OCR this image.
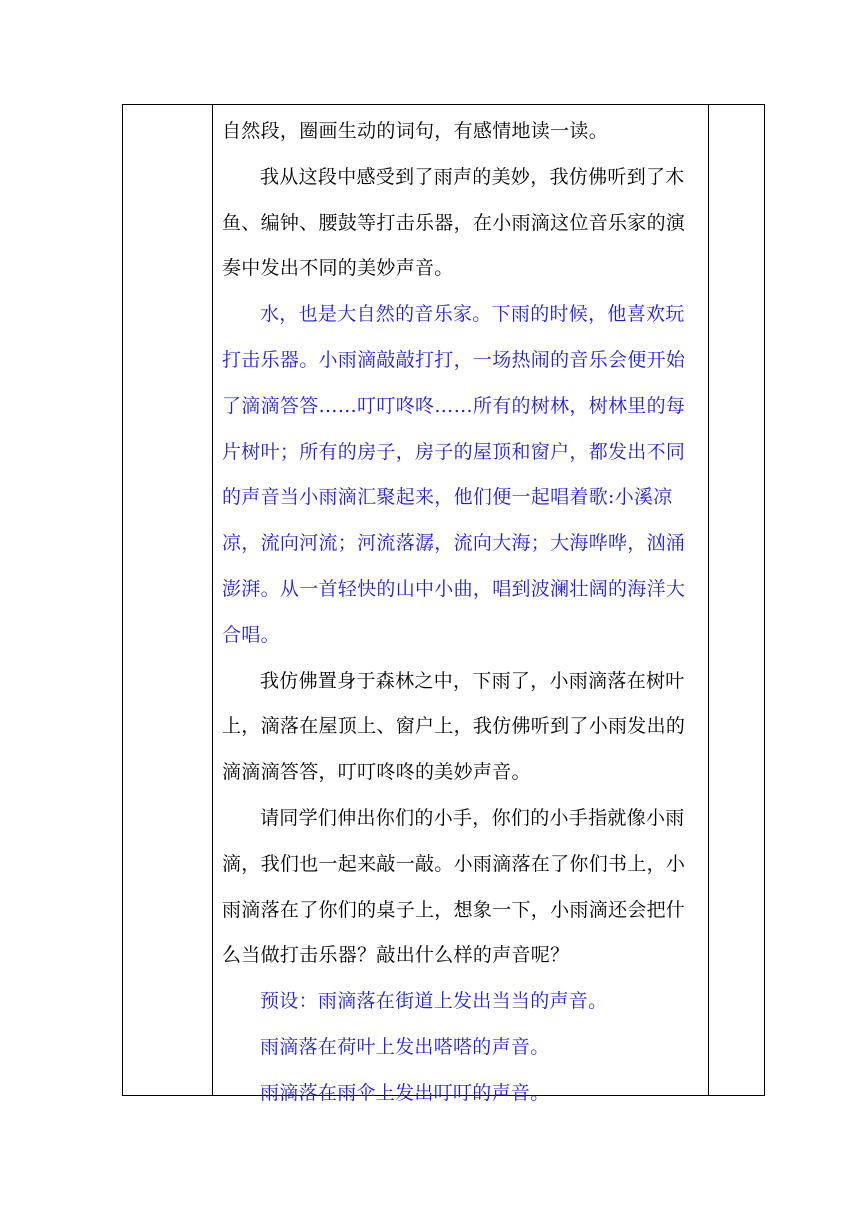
自然段，圈画生动的词句，有感情地读一读。

我从这段中感受到了雨声的美妙，我仿佛听到了木鱼、编钟、腰鼓等打击乐器，在小雨滴这位音乐家的演奏中发出不同的美妙声音。

水，也是大自然的音乐家。下雨的时候，他喜欢玩打击乐器。小雨滴敲敲打打，一场热闹的音乐会便开始了滴滴答答……叮叮咚咚……所有的树林，树林里的每片树叶；所有的房子，房子的屋顶和窗户，都发出不同的声音当小雨滴汇聚起来，他们便一起唱着歌:小溪凉凉，流向河流；河流落潺，流向大海；大海哗哗，汹涌澎湃。从一首轻快的山中小曲，唱到波澜壮阔的海洋大合唱。

我仿佛置身于森林之中，下雨了，小雨滴落在树叶上，滴落在屋顶上、窗户上，我仿佛听到了小雨发出的滴滴滴答答，叮叮咚咚的美妙声音。

请同学们伸出你们的小手，你们的小手指就像小雨滴，我们也一起来敲一敲。小雨滴落在了你们书上，小雨滴落在了你们的桌子上，想象一下，小雨滴还会把什么当做打击乐器？敲出什么样的声音呢？

预设：雨滴落在街道上发出当当的声音。

雨滴落在荷叶上发出嗒嗒的声音。

雨滴落在雨伞上发出叮叮的声音。
